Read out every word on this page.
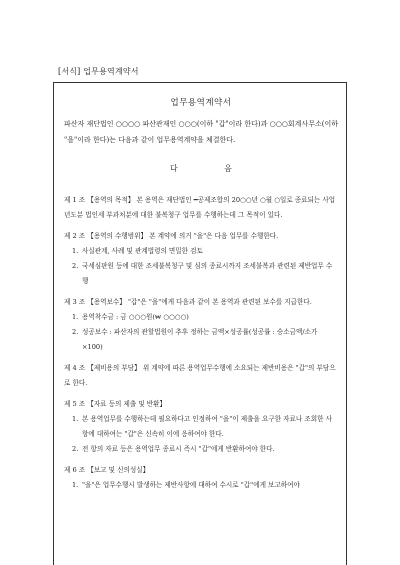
[서식] 업무용역계약서
업무용역계약서
파산자 재단법인 ○○○○ 파산관재인 ○○○(이하 "갑"이라 한다)과 ○○○회계사무소(이하 "을"이라 한다)는 다음과 같이 업무용역계약을 체결한다.
다 음
제 1 조 【용역의 목적】 본 용역은 재단법인 ━공제조합의 20○○년 ○월 ○일로 종료되는 사업년도분 법인세 부과처분에 대한 불복청구 업무를 수행하는데 그 목적이 있다.
제 2 조 【용역의 수행범위】 본 계약에 의거 "을"은 다음 업무를 수행한다.
1. 사실관계, 사례 및 관계법령의 면밀한 검토
2. 국세심판원 등에 대한 조세불복청구 및 심의 종료시까지 조세불복과 관련된 제반업무 수행
제 3 조 【용역보수】 "갑"은 "을"에게 다음과 같이 본 용역과 관련된 보수를 지급한다.
1. 용역착수금 : 금 ○○○원(₩ ○○○○)
2. 성공보수 : 파산자의 관할법원이 추후 정하는 금액×성공률(성공률 : 승소금액/소가×100)
제 4 조 【제비용의 부담】 위 계약에 따른 용역업무수행에 소요되는 제반비용은 "갑"의 부담으로 한다.
제 5 조 【자료 등의 제출 및 반환】
1. 본 용역업무를 수행하는데 필요하다고 인정하여 "을"이 제출을 요구한 자료나 조회한 사항에 대하여는 "갑"은 신속히 이에 응하여야 한다.
2. 전 항의 자료 등은 용역업무 종료시 즉시 "갑"에게 반환하여야 한다.
제 6 조 【보고 및 신의성실】
1. "을"은 업무수행시 발생하는 제반사항에 대하여 수시로 "갑"에게 보고하여야
